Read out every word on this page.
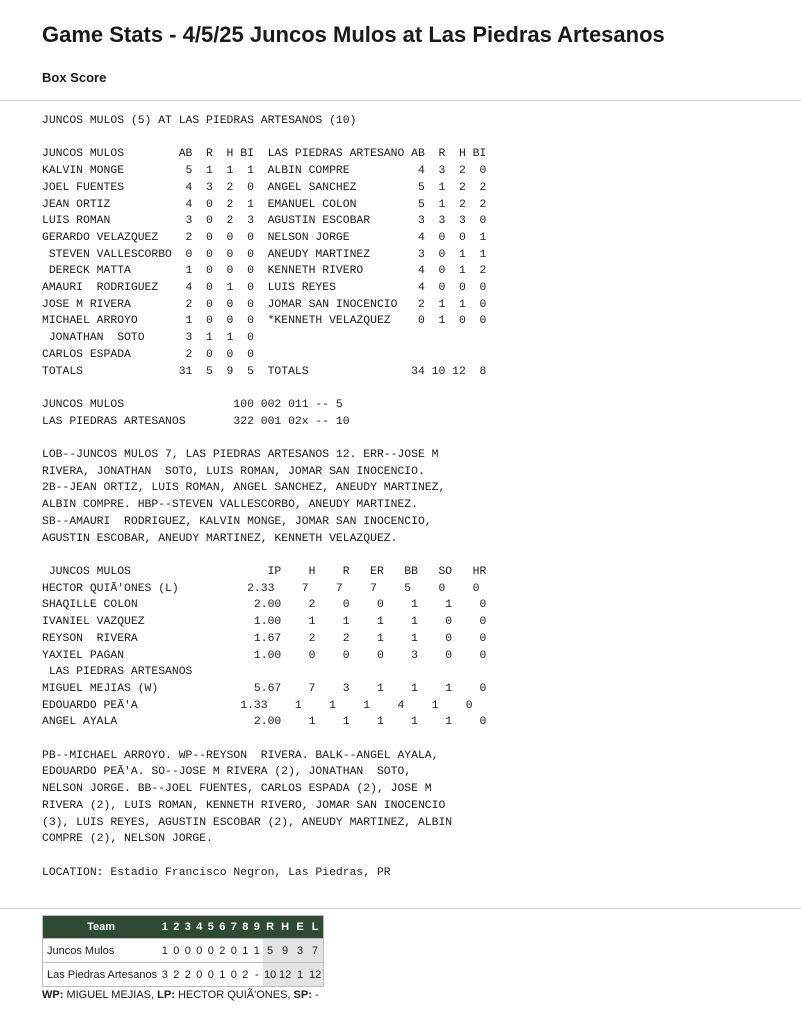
Game Stats - 4/5/25 Juncos Mulos at Las Piedras Artesanos
Box Score
JUNCOS MULOS (5) AT LAS PIEDRAS ARTESANOS (10)

JUNCOS MULOS        AB  R  H BI  LAS PIEDRAS ARTESANO AB  R  H BI
KALVIN MONGE         5  1  1  1  ALBIN COMPRE          4  3  2  0
JOEL FUENTES         4  3  2  0  ANGEL SANCHEZ         5  1  2  2
JEAN ORTIZ           4  0  2  1  EMANUEL COLON         5  1  2  2
LUIS ROMAN           3  0  2  3  AGUSTIN ESCOBAR       3  3  3  0
GERARDO VELAZQUEZ    2  0  0  0  NELSON JORGE          4  0  0  1
STEVEN VALLESCORBO  0  0  0  0  ANEUDY MARTINEZ       3  0  1  1
DERECK MATTA        1  0  0  0  KENNETH RIVERO        4  0  1  2
AMAURI  RODRIGUEZ    4  0  1  0  LUIS REYES            4  0  0  0
JOSE M RIVERA        2  0  0  0  JOMAR SAN INOCENCIO   2  1  1  0
MICHAEL ARROYO       1  0  0  0  *KENNETH VELAZQUEZ    0  1  0  0
JONATHAN  SOTO      3  1  1  0
CARLOS ESPADA        2  0  0  0
TOTALS              31  5  9  5  TOTALS               34 10 12  8

JUNCOS MULOS                100 002 011 -- 5
LAS PIEDRAS ARTESANOS       322 001 02x -- 10

LOB--JUNCOS MULOS 7, LAS PIEDRAS ARTESANOS 12. ERR--JOSE M
RIVERA, JONATHAN  SOTO, LUIS ROMAN, JOMAR SAN INOCENCIO.
2B--JEAN ORTIZ, LUIS ROMAN, ANGEL SANCHEZ, ANEUDY MARTINEZ,
ALBIN COMPRE. HBP--STEVEN VALLESCORBO, ANEUDY MARTINEZ.
SB--AMAURI  RODRIGUEZ, KALVIN MONGE, JOMAR SAN INOCENCIO,
AGUSTIN ESCOBAR, ANEUDY MARTINEZ, KENNETH VELAZQUEZ.

JUNCOS MULOS                    IP    H    R   ER   BB   SO   HR
HECTOR QUIÃ'ONES (L)          2.33    7    7    7    5    0    0
SHAQILLE COLON                 2.00    2    0    0    1    1    0
IVANIEL VAZQUEZ                1.00    1    1    1    1    0    0
REYSON  RIVERA                 1.67    2    2    1    1    0    0
YAXIEL PAGAN                   1.00    0    0    0    3    0    0
LAS PIEDRAS ARTESANOS
MIGUEL MEJIAS (W)              5.67    7    3    1    1    1    0
EDOUARDO PEÃ'A               1.33    1    1    1    4    1    0
ANGEL AYALA                    2.00    1    1    1    1    1    0

PB--MICHAEL ARROYO. WP--REYSON  RIVERA. BALK--ANGEL AYALA,
EDOUARDO PEÃ'A. SO--JOSE M RIVERA (2), JONATHAN  SOTO,
NELSON JORGE. BB--JOEL FUENTES, CARLOS ESPADA (2), JOSE M
RIVERA (2), LUIS ROMAN, KENNETH RIVERO, JOMAR SAN INOCENCIO
(3), LUIS REYES, AGUSTIN ESCOBAR (2), ANEUDY MARTINEZ, ALBIN
COMPRE (2), NELSON JORGE.

LOCATION: Estadio Francisco Negron, Las Piedras, PR
Team	1	2	3	4	5	6	7	8	9	R	H	E	L
Juncos Mulos	1	0	0	0	0	2	0	1	1	5	9	3	7
Las Piedras Artesanos	3	2	2	0	0	1	0	2	-	10	12	1	12
WP: MIGUEL MEJIAS, LP: HECTOR QUIÃ'ONES, SP: -
